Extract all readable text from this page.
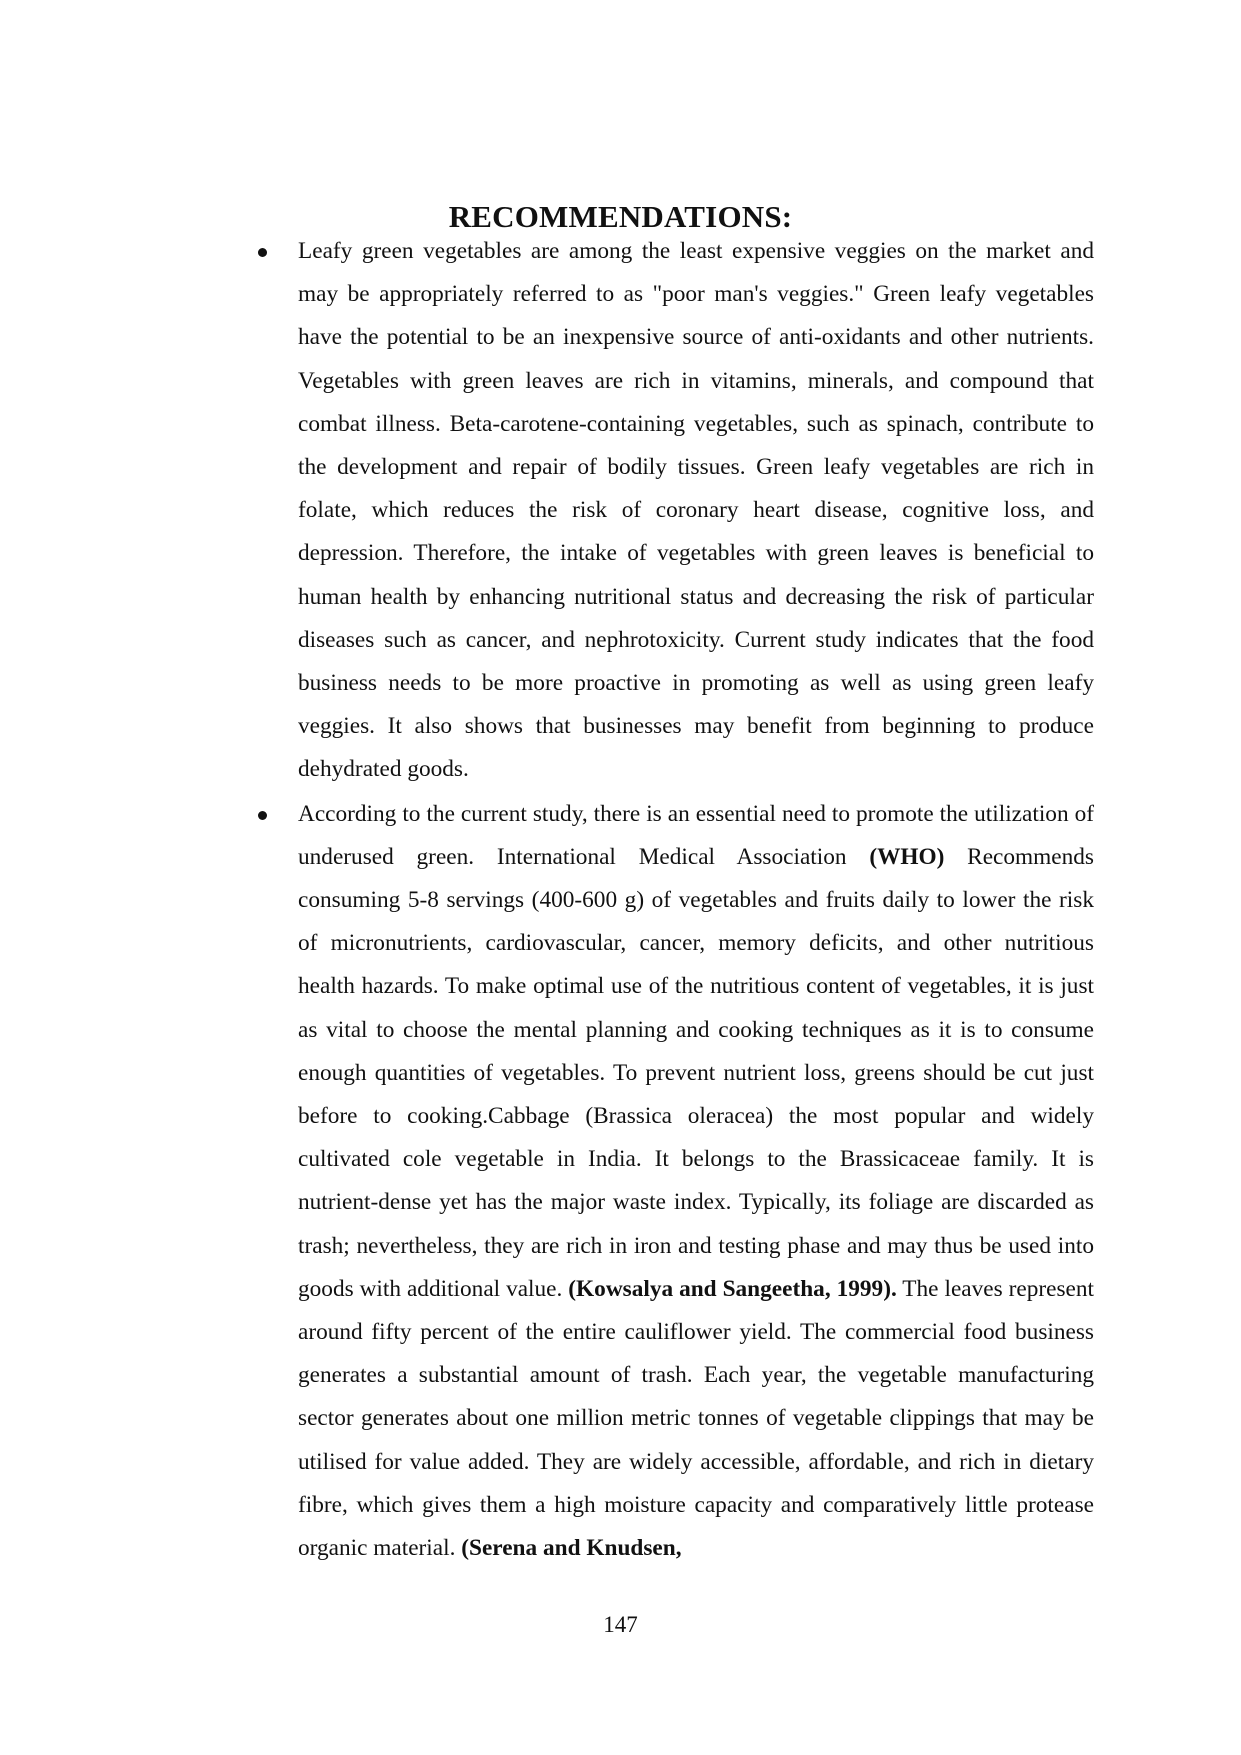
RECOMMENDATIONS:
Leafy green vegetables are among the least expensive veggies on the market and may be appropriately referred to as "poor man's veggies." Green leafy vegetables have the potential to be an inexpensive source of anti-oxidants and other nutrients. Vegetables with green leaves are rich in vitamins, minerals, and compound that combat illness. Beta-carotene-containing vegetables, such as spinach, contribute to the development and repair of bodily tissues. Green leafy vegetables are rich in folate, which reduces the risk of coronary heart disease, cognitive loss, and depression. Therefore, the intake of vegetables with green leaves is beneficial to human health by enhancing nutritional status and decreasing the risk of particular diseases such as cancer, and nephrotoxicity. Current study indicates that the food business needs to be more proactive in promoting as well as using green leafy veggies. It also shows that businesses may benefit from beginning to produce dehydrated goods.
According to the current study, there is an essential need to promote the utilization of underused green. International Medical Association (WHO) Recommends consuming 5-8 servings (400-600 g) of vegetables and fruits daily to lower the risk of micronutrients, cardiovascular, cancer, memory deficits, and other nutritious health hazards. To make optimal use of the nutritious content of vegetables, it is just as vital to choose the mental planning and cooking techniques as it is to consume enough quantities of vegetables. To prevent nutrient loss, greens should be cut just before to cooking.Cabbage (Brassica oleracea) the most popular and widely cultivated cole vegetable in India. It belongs to the Brassicaceae family. It is nutrient-dense yet has the major waste index. Typically, its foliage are discarded as trash; nevertheless, they are rich in iron and testing phase and may thus be used into goods with additional value. (Kowsalya and Sangeetha, 1999). The leaves represent around fifty percent of the entire cauliflower yield. The commercial food business generates a substantial amount of trash. Each year, the vegetable manufacturing sector generates about one million metric tonnes of vegetable clippings that may be utilised for value added. They are widely accessible, affordable, and rich in dietary fibre, which gives them a high moisture capacity and comparatively little protease organic material. (Serena and Knudsen,
147
